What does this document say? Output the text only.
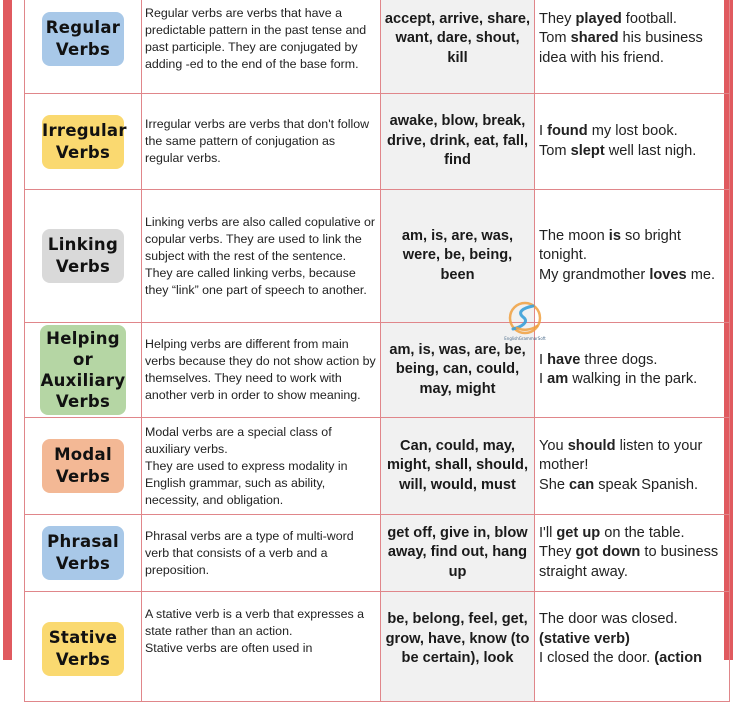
Regular
Verbs	Regular verbs are verbs that have a predictable pattern in the past tense and past participle. They are conjugated by adding -ed to the end of the base form.	accept, arrive, share, want, dare, shout, kill	They played football.
Tom shared his business idea with his friend.

Irregular
Verbs	Irregular verbs are verbs that don't follow the same pattern of conjugation as regular verbs.	awake, blow, break, drive, drink, eat, fall, find	I found my lost book.
Tom slept well last nigh.

Linking
Verbs	Linking verbs are also called copulative or copular verbs. They are used to link the subject with the rest of the sentence.
They are called linking verbs, because they “link” one part of speech to another.	am, is, are, was, were, be, being, been	The moon is so bright tonight.
My grandmother loves me.

Helping or
Auxiliary
Verbs	Helping verbs are different from main verbs because they do not show action by themselves. They need to work with another verb in order to show meaning.	am, is, was, are, be, being, can, could, may, might	I have three dogs.
I am walking in the park.

Modal
Verbs	Modal verbs are a special class of auxiliary verbs.
They are used to express modality in English grammar, such as ability, necessity, and obligation.	Can, could, may, might, shall, should, will, would, must	You should listen to your mother!
She can speak Spanish.

Phrasal
Verbs	Phrasal verbs are a type of multi-word verb that consists of a verb and a preposition.	get off, give in, blow away, find out, hang up	I'll get up on the table.
They got down to business straight away.

Stative
Verbs	A stative verb is a verb that expresses a state rather than an action.
Stative verbs are often used in	be, belong, feel, get, grow, have, know (to be certain), look	The door was closed.
(stative verb)
I closed the door. (action
EnglishGrammarSoft
